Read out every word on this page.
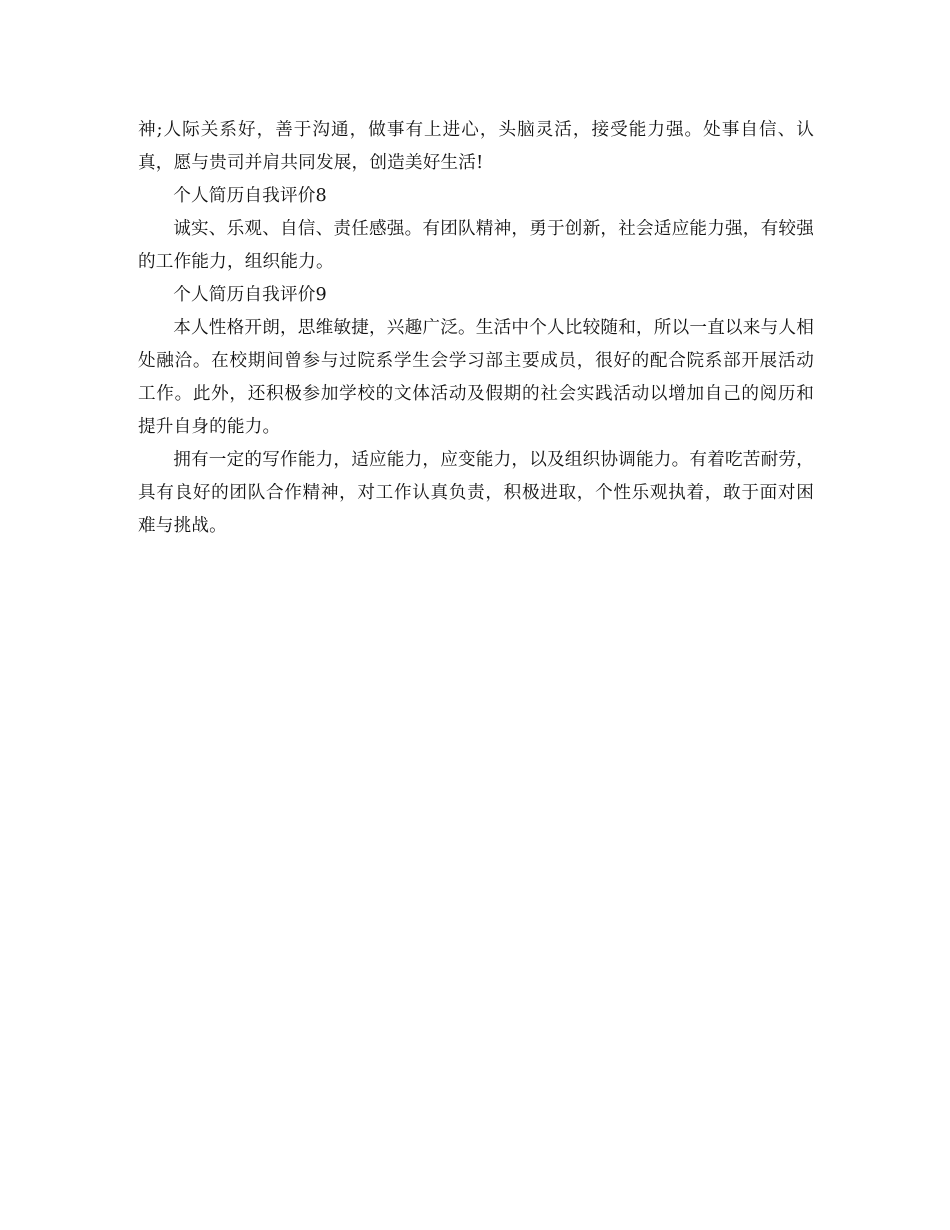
神;人际关系好，善于沟通，做事有上进心，头脑灵活，接受能力强。处事自信、认真，愿与贵司并肩共同发展，创造美好生活!

个人简历自我评价8

诚实、乐观、自信、责任感强。有团队精神，勇于创新，社会适应能力强，有较强的工作能力，组织能力。

个人简历自我评价9

本人性格开朗，思维敏捷，兴趣广泛。生活中个人比较随和，所以一直以来与人相处融洽。在校期间曾参与过院系学生会学习部主要成员，很好的配合院系部开展活动工作。此外，还积极参加学校的文体活动及假期的社会实践活动以增加自己的阅历和提升自身的能力。

拥有一定的写作能力，适应能力，应变能力，以及组织协调能力。有着吃苦耐劳，具有良好的团队合作精神，对工作认真负责，积极进取，个性乐观执着，敢于面对困难与挑战。
